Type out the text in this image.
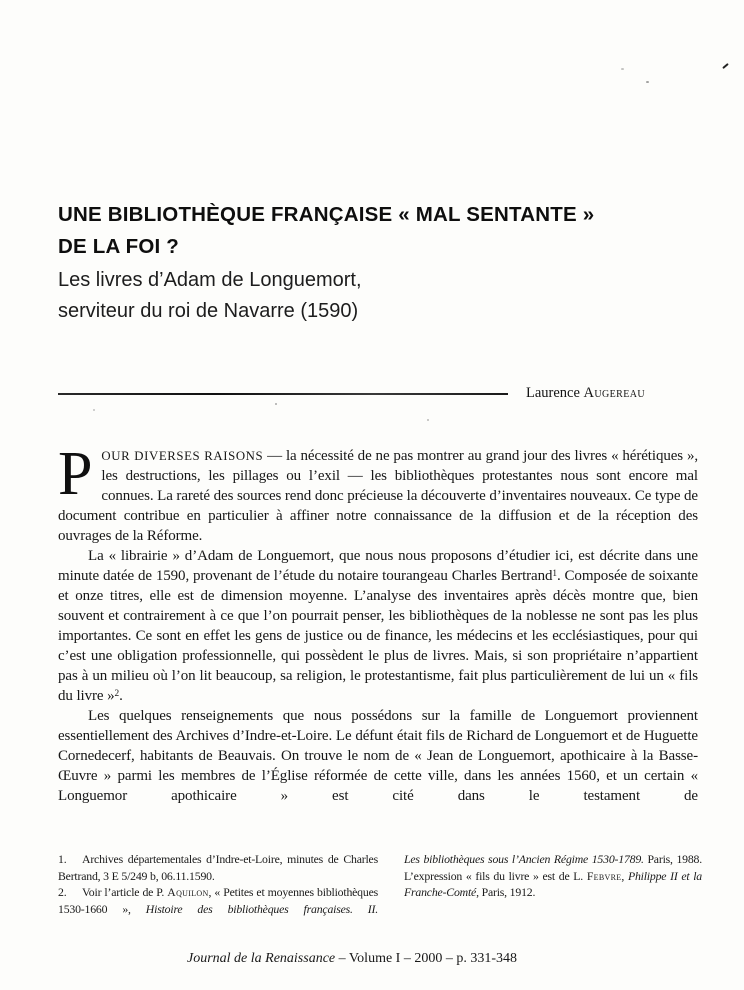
UNE BIBLIOTHÈQUE FRANÇAISE « MAL SENTANTE »
DE LA FOI ?
Les livres d’Adam de Longuemort,
serviteur du roi de Navarre (1590)
Laurence Augereau

POUR DIVERSES RAISONS — la nécessité de ne pas montrer au grand jour des livres « hérétiques », les destructions, les pillages ou l’exil — les bibliothèques protestantes nous sont encore mal connues. La rareté des sources rend donc précieuse la découverte d’inventaires nouveaux. Ce type de document contribue en particulier à affiner notre connaissance de la diffusion et de la réception des ouvrages de la Réforme.

La « librairie » d’Adam de Longuemort, que nous nous proposons d’étudier ici, est décrite dans une minute datée de 1590, provenant de l’étude du notaire tourangeau Charles Bertrand$^1$. Composée de soixante et onze titres, elle est de dimension moyenne. L’analyse des inventaires après décès montre que, bien souvent et contrairement à ce que l’on pourrait penser, les bibliothèques de la noblesse ne sont pas les plus importantes. Ce sont en effet les gens de justice ou de finance, les médecins et les ecclésiastiques, pour qui c’est une obligation professionnelle, qui possèdent le plus de livres. Mais, si son propriétaire n’appartient pas à un milieu où l’on lit beaucoup, sa religion, le protestantisme, fait plus particulièrement de lui un « fils du livre »$^2$.

Les quelques renseignements que nous possédons sur la famille de Longuemort proviennent essentiellement des Archives d’Indre-et-Loire. Le défunt était fils de Richard de Longuemort et de Huguette Cornedecerf, habitants de Beauvais. On trouve le nom de « Jean de Longuemort, apothicaire à la Basse-Œuvre » parmi les membres de l’Église réformée de cette ville, dans les années 1560, et un certain « Longuemor apothicaire » est cité dans le testament de

1. Archives départementales d’Indre-et-Loire, minutes de Charles Bertrand, 3 E 5/249 b, 06.11.1590.

2. Voir l’article de P. Aquilon, « Petites et moyennes bibliothèques 1530-1660 », Histoire des bibliothèques françaises. II.

Les bibliothèques sous l’Ancien Régime 1530-1789. Paris, 1988. L’expression « fils du livre » est de L. Febvre, Philippe II et la Franche-Comté, Paris, 1912.

Journal de la Renaissance – Volume I – 2000 – p. 331-348
